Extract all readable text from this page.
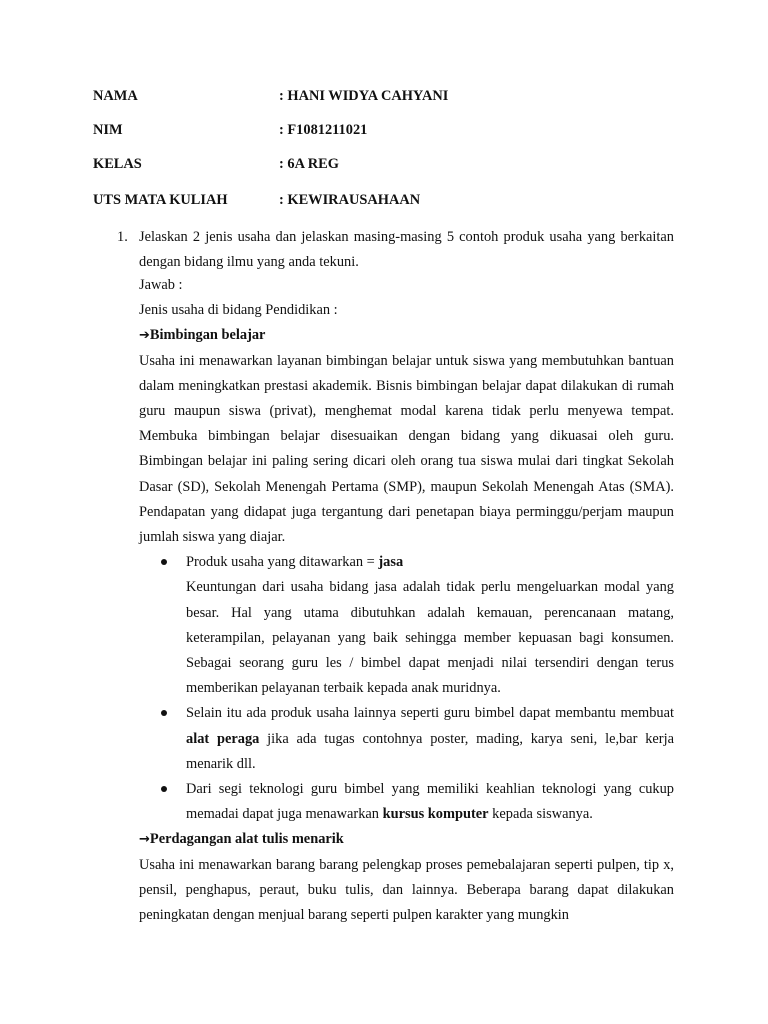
NAMA	: HANI WIDYA CAHYANI
NIM	: F1081211021
KELAS	: 6A REG
UTS MATA KULIAH	: KEWIRAUSAHAAN
1. Jelaskan 2 jenis usaha dan jelaskan masing-masing 5 contoh produk usaha yang berkaitan dengan bidang ilmu yang anda tekuni.

Jawab :

Jenis usaha di bidang Pendidikan :

➔Bimbingan belajar

Usaha ini menawarkan layanan bimbingan belajar untuk siswa yang membutuhkan bantuan dalam meningkatkan prestasi akademik. Bisnis bimbingan belajar dapat dilakukan di rumah guru maupun siswa (privat), menghemat modal karena tidak perlu menyewa tempat. Membuka bimbingan belajar disesuaikan dengan bidang yang dikuasai oleh guru. Bimbingan belajar ini paling sering dicari oleh orang tua siswa mulai dari tingkat Sekolah Dasar (SD), Sekolah Menengah Pertama (SMP), maupun Sekolah Menengah Atas (SMA). Pendapatan yang didapat juga tergantung dari penetapan biaya perminggu/perjam maupun jumlah siswa yang diajar.

Produk usaha yang ditawarkan = jasa
Keuntungan dari usaha bidang jasa adalah tidak perlu mengeluarkan modal yang besar. Hal yang utama dibutuhkan adalah kemauan, perencanaan matang, keterampilan, pelayanan yang baik sehingga member kepuasan bagi konsumen. Sebagai seorang guru les / bimbel dapat menjadi nilai tersendiri dengan terus memberikan pelayanan terbaik kepada anak muridnya.
Selain itu ada produk usaha lainnya seperti guru bimbel dapat membantu membuat alat peraga jika ada tugas contohnya poster, mading, karya seni, le,bar kerja menarik dll.
Dari segi teknologi guru bimbel yang memiliki keahlian teknologi yang cukup memadai dapat juga menawarkan kursus komputer kepada siswanya.

→Perdagangan alat tulis menarik

Usaha ini menawarkan barang barang pelengkap proses pemebalajaran seperti pulpen, tip x, pensil, penghapus, peraut, buku tulis, dan lainnya. Beberapa barang dapat dilakukan peningkatan dengan menjual barang seperti pulpen karakter yang mungkin
